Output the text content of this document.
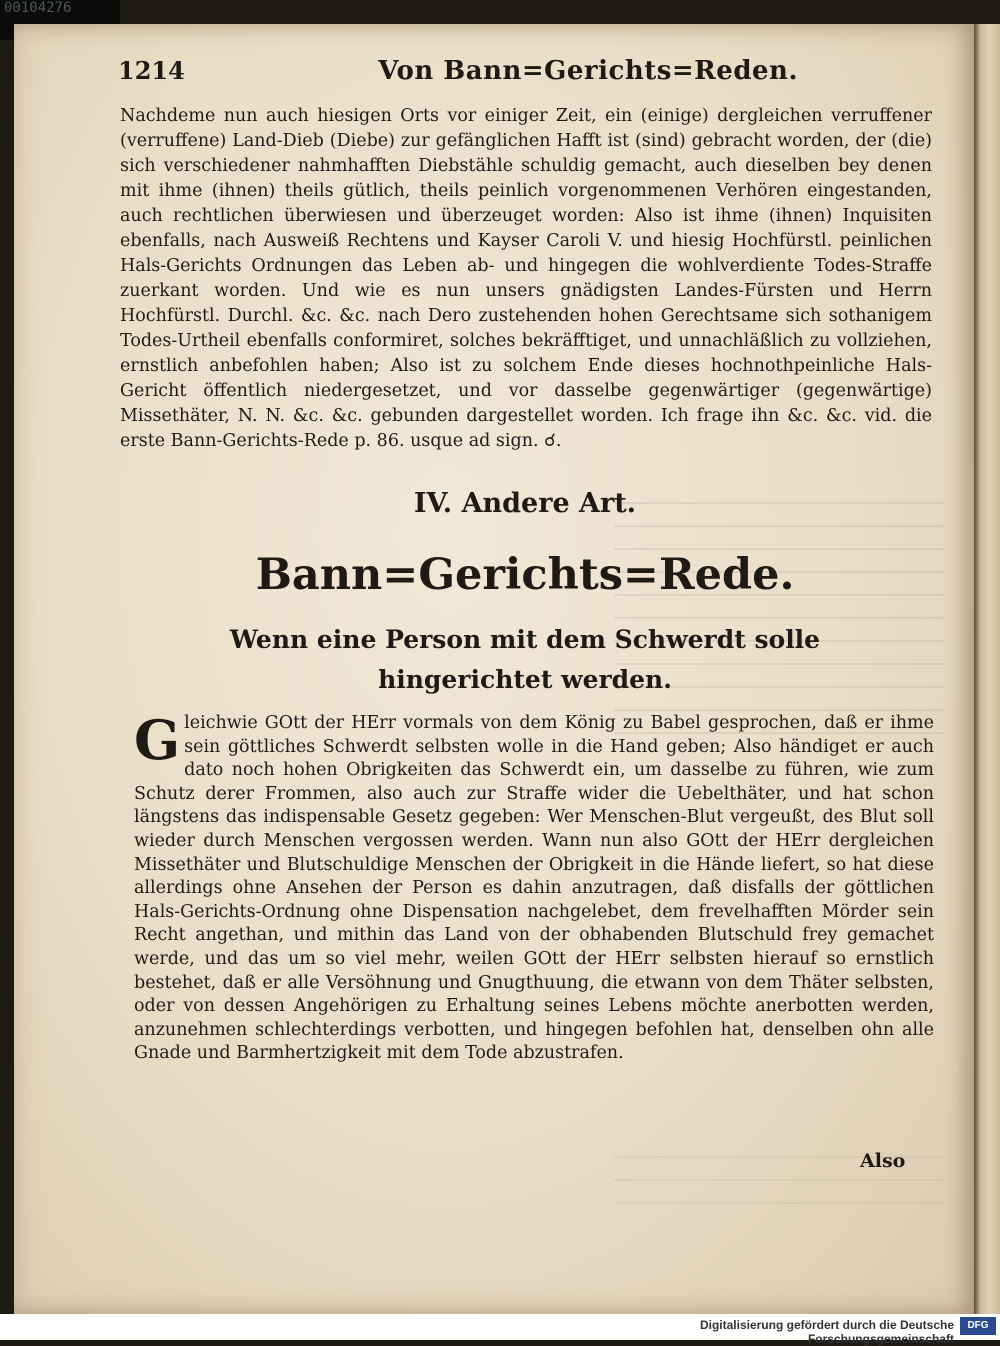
00104276
1214	Von Bann=Gerichts=Reden.
Nachdeme nun auch hiesigen Orts vor einiger Zeit, ein (einige) dergleichen verruffener (verruffene) Land-Dieb (Diebe) zur gefänglichen Hafft ist (sind) gebracht worden, der (die) sich verschiedener nahmhafften Diebstähle schuldig gemacht, auch dieselben bey denen mit ihme (ihnen) theils gütlich, theils peinlich vorgenommenen Verhören eingestanden, auch rechtlichen überwiesen und überzeuget worden: Also ist ihme (ihnen) Inquisiten ebenfalls, nach Ausweiß Rechtens und Kayser Caroli V. und hiesig Hochfürstl. peinlichen Hals-Gerichts Ordnungen das Leben ab- und hingegen die wohlverdiente Todes-Straffe zuerkant worden. Und wie es nun unsers gnädigsten Landes-Fürsten und Herrn Hochfürstl. Durchl. &c. &c. nach Dero zustehenden hohen Gerechtsame sich sothanigem Todes-Urtheil ebenfalls conformiret, solches bekräfftiget, und unnachläßlich zu vollziehen, ernstlich anbefohlen haben; Also ist zu solchem Ende dieses hochnothpeinliche Hals-Gericht öffentlich niedergesetzet, und vor dasselbe gegenwärtiger (gegenwärtige) Missethäter, N. N. &c. &c. gebunden dargestellet worden. Ich frage ihn &c. &c. vid. die erste Bann-Gerichts-Rede p. 86. usque ad sign. ☌.
IV. Andere Art.
Bann=Gerichts=Rede.
Wenn eine Person mit dem Schwerdt solle hingerichtet werden.
Gleichwie GOtt der HErr vormals von dem König zu Babel gesprochen, daß er ihme sein göttliches Schwerdt selbsten wolle in die Hand geben; Also händiget er auch dato noch hohen Obrigkeiten das Schwerdt ein, um dasselbe zu führen, wie zum Schutz derer Frommen, also auch zur Straffe wider die Uebelthäter, und hat schon längstens das indispensable Gesetz gegeben: Wer Menschen-Blut vergeußt, des Blut soll wieder durch Menschen vergossen werden. Wann nun also GOtt der HErr dergleichen Missethäter und Blutschuldige Menschen der Obrigkeit in die Hände liefert, so hat diese allerdings ohne Ansehen der Person es dahin anzutragen, daß disfalls der göttlichen Hals-Gerichts-Ordnung ohne Dispensation nachgelebet, dem frevelhafften Mörder sein Recht angethan, und mithin das Land von der obhabenden Blutschuld frey gemachet werde, und das um so viel mehr, weilen GOtt der HErr selbsten hierauf so ernstlich bestehet, daß er alle Versöhnung und Gnugthuung, die etwann von dem Thäter selbsten, oder von dessen Angehörigen zu Erhaltung seines Lebens möchte anerbotten werden, anzunehmen schlechterdings verbotten, und hingegen befohlen hat, denselben ohn alle Gnade und Barmhertzigkeit mit dem Tode abzustrafen.
Also
Digitalisierung gefördert durch die Deutsche Forschungsgemeinschaft
DFG
